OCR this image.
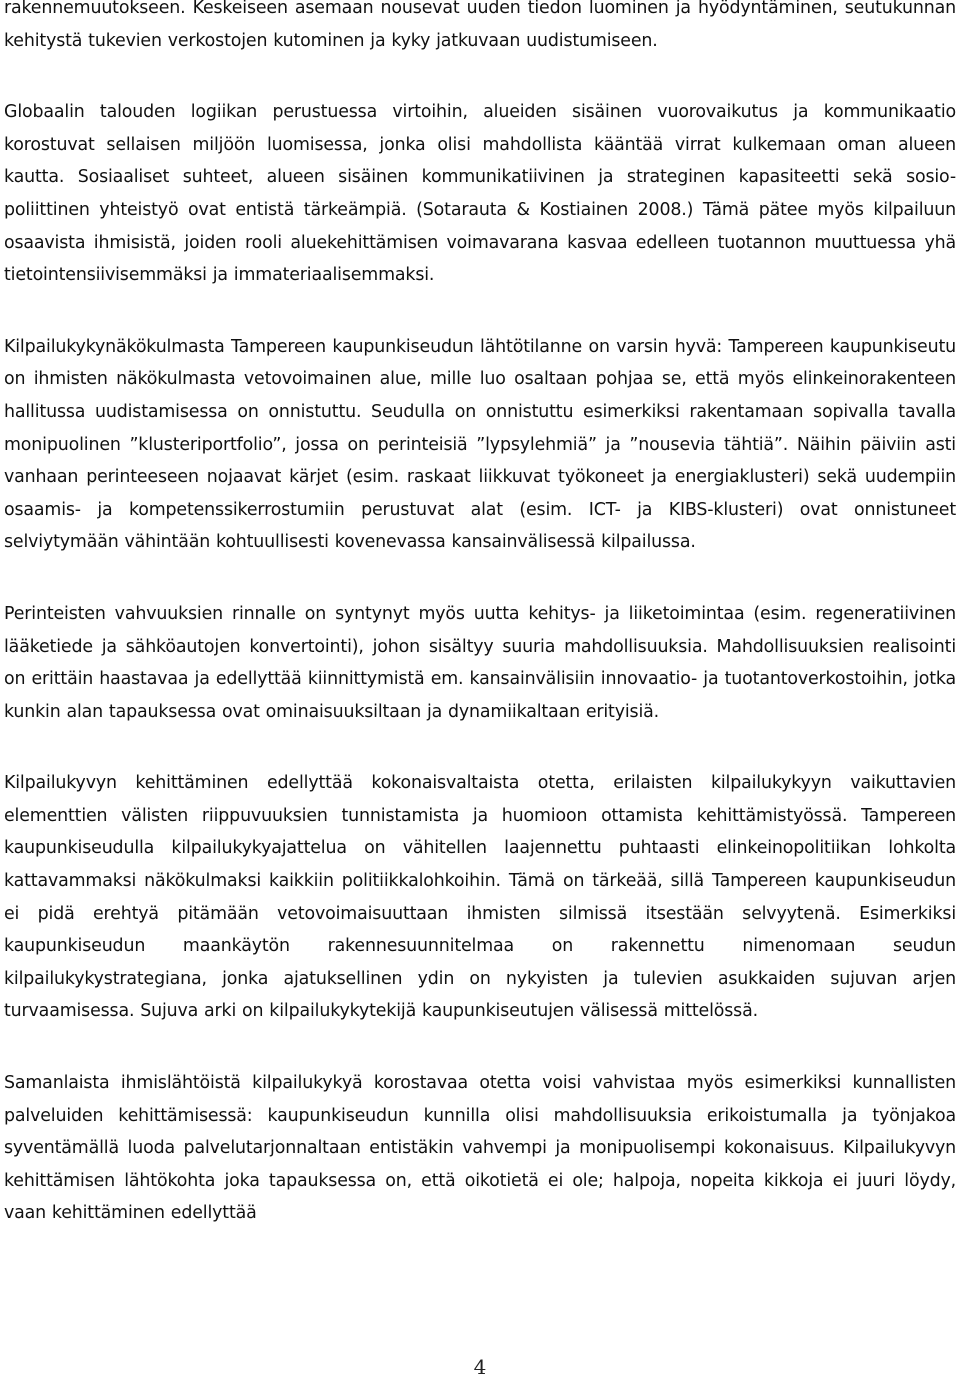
rakennemuutokseen. Keskeiseen asemaan nousevat uuden tiedon luominen ja hyödyntäminen, seutukunnan kehitystä tukevien verkostojen kutominen ja kyky jatkuvaan uudistumiseen.

Globaalin talouden logiikan perustuessa virtoihin, alueiden sisäinen vuorovaikutus ja kommunikaatio korostuvat sellaisen miljöön luomisessa, jonka olisi mahdollista kääntää virrat kulkemaan oman alueen kautta. Sosiaaliset suhteet, alueen sisäinen kommunikatiivinen ja strateginen kapasiteetti sekä sosio-poliittinen yhteistyö ovat entistä tärkeämpiä. (Sotarauta & Kostiainen 2008.) Tämä pätee myös kilpailuun osaavista ihmisistä, joiden rooli aluekehittämisen voimavarana kasvaa edelleen tuotannon muuttuessa yhä tietointensiivisemmäksi ja immateriaalisemmaksi.

Kilpailukykynäkökulmasta Tampereen kaupunkiseudun lähtötilanne on varsin hyvä: Tampereen kaupunkiseutu on ihmisten näkökulmasta vetovoimainen alue, mille luo osaltaan pohjaa se, että myös elinkeinorakenteen hallitussa uudistamisessa on onnistuttu. Seudulla on onnistuttu esimerkiksi rakentamaan sopivalla tavalla monipuolinen ”klusteriportfolio”, jossa on perinteisiä ”lypsylehmiä” ja ”nousevia tähtiä”. Näihin päiviin asti vanhaan perinteeseen nojaavat kärjet (esim. raskaat liikkuvat työkoneet ja energiaklusteri) sekä uudempiin osaamis- ja kompetenssikerrostumiin perustuvat alat (esim. ICT- ja KIBS-klusteri) ovat onnistuneet selviytymään vähintään kohtuullisesti kovenevassa kansainvälisessä kilpailussa.

Perinteisten vahvuuksien rinnalle on syntynyt myös uutta kehitys- ja liiketoimintaa (esim. regeneratiivinen lääketiede ja sähköautojen konvertointi), johon sisältyy suuria mahdollisuuksia. Mahdollisuuksien realisointi on erittäin haastavaa ja edellyttää kiinnittymistä em. kansainvälisiin innovaatio- ja tuotantoverkostoihin, jotka kunkin alan tapauksessa ovat ominaisuuksiltaan ja dynamiikaltaan erityisiä.

Kilpailukyvyn kehittäminen edellyttää kokonaisvaltaista otetta, erilaisten kilpailukykyyn vaikuttavien elementtien välisten riippuvuuksien tunnistamista ja huomioon ottamista kehittämistyössä. Tampereen kaupunkiseudulla kilpailukykyajattelua on vähitellen laajennettu puhtaasti elinkeinopolitiikan lohkolta kattavammaksi näkökulmaksi kaikkiin politiikkalohkoihin. Tämä on tärkeää, sillä Tampereen kaupunkiseudun ei pidä erehtyä pitämään vetovoimaisuuttaan ihmisten silmissä itsestään selvyytenä. Esimerkiksi kaupunkiseudun maankäytön rakennesuunnitelmaa on rakennettu nimenomaan seudun kilpailukykystrategiana, jonka ajatuksellinen ydin on nykyisten ja tulevien asukkaiden sujuvan arjen turvaamisessa. Sujuva arki on kilpailukykytekijä kaupunkiseutujen välisessä mittelössä.

Samanlaista ihmislähtöistä kilpailukykyä korostavaa otetta voisi vahvistaa myös esimerkiksi kunnallisten palveluiden kehittämisessä: kaupunkiseudun kunnilla olisi mahdollisuuksia erikoistumalla ja työnjakoa syventämällä luoda palvelutarjonnaltaan entistäkin vahvempi ja monipuolisempi kokonaisuus. Kilpailukyvyn kehittämisen lähtökohta joka tapauksessa on, että oikotietä ei ole; halpoja, nopeita kikkoja ei juuri löydy, vaan kehittäminen edellyttää

4
